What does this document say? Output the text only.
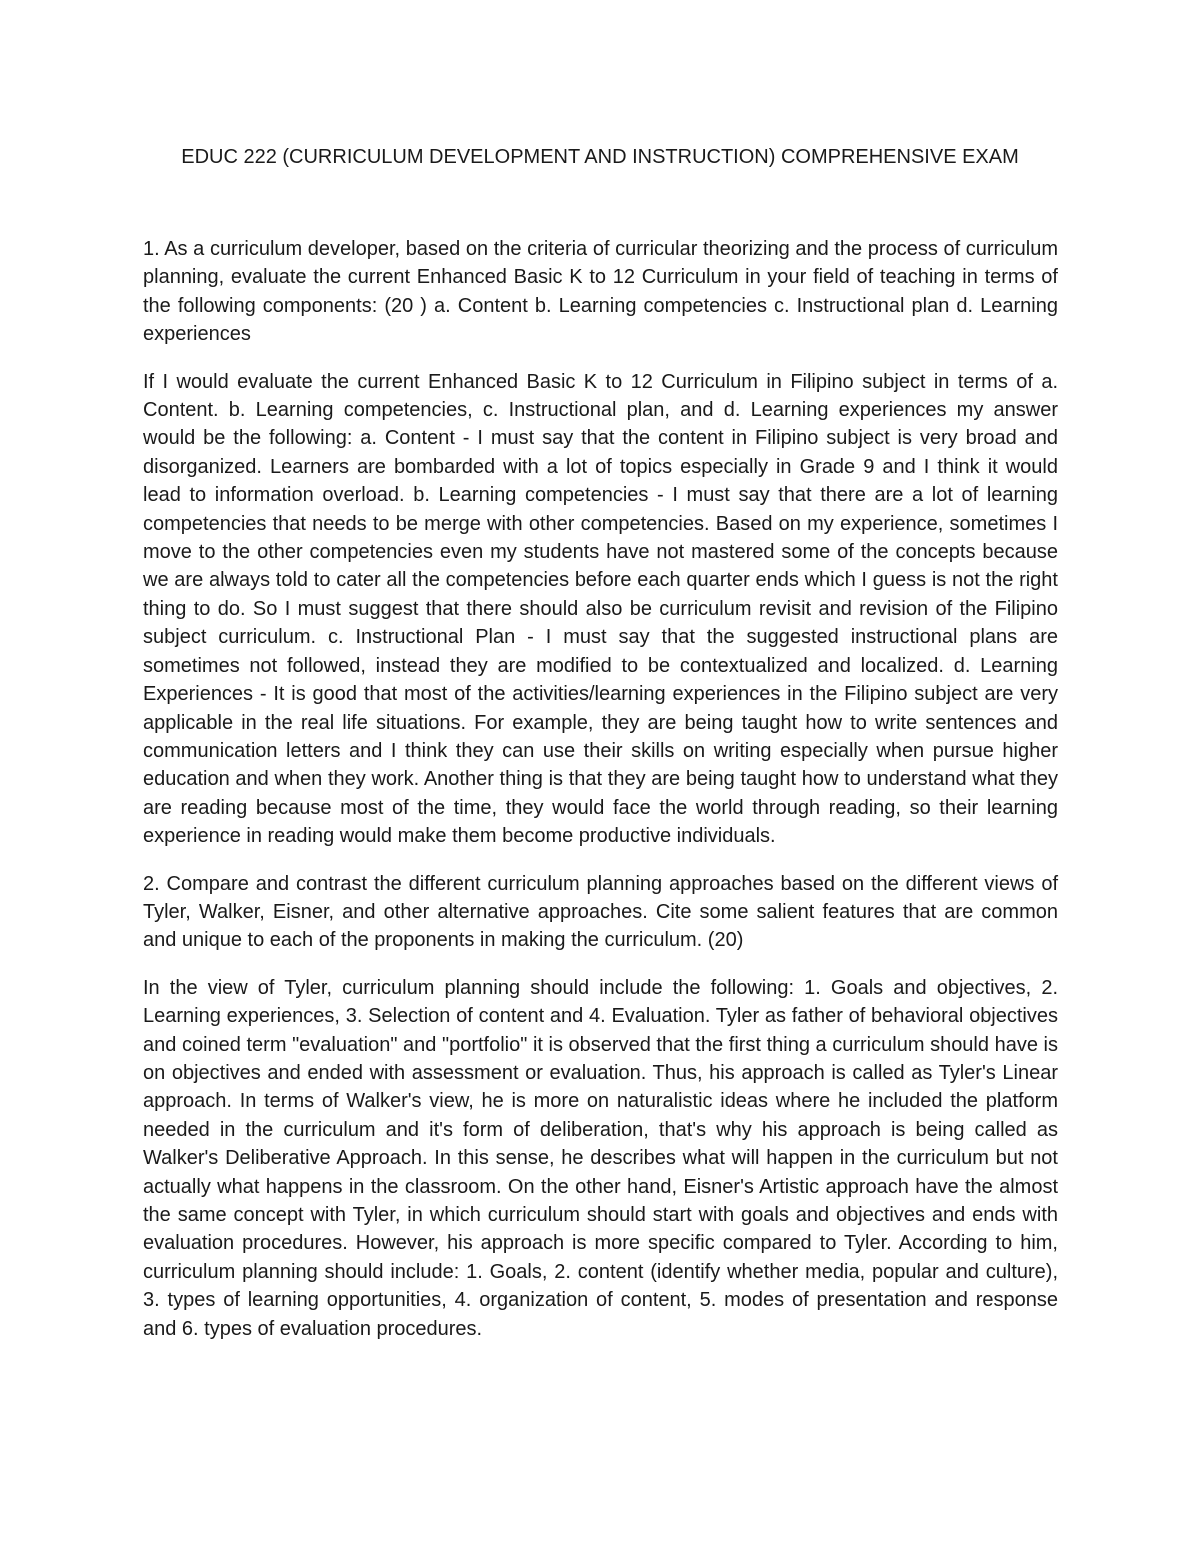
EDUC 222 (CURRICULUM DEVELOPMENT AND INSTRUCTION) COMPREHENSIVE EXAM

1. As a curriculum developer, based on the criteria of curricular theorizing and the process of curriculum planning, evaluate the current Enhanced Basic K to 12 Curriculum in your field of teaching in terms of the following components: (20 ) a. Content b. Learning competencies c. Instructional plan d. Learning experiences

If I would evaluate the current Enhanced Basic K to 12 Curriculum in Filipino subject in terms of a. Content. b. Learning competencies, c. Instructional plan, and d. Learning experiences my answer would be the following: a. Content - I must say that the content in Filipino subject is very broad and disorganized. Learners are bombarded with a lot of topics especially in Grade 9 and I think it would lead to information overload. b. Learning competencies - I must say that there are a lot of learning competencies that needs to be merge with other competencies. Based on my experience, sometimes I move to the other competencies even my students have not mastered some of the concepts because we are always told to cater all the competencies before each quarter ends which I guess is not the right thing to do. So I must suggest that there should also be curriculum revisit and revision of the Filipino subject curriculum. c. Instructional Plan - I must say that the suggested instructional plans are sometimes not followed, instead they are modified to be contextualized and localized. d. Learning Experiences - It is good that most of the activities/learning experiences in the Filipino subject are very applicable in the real life situations. For example, they are being taught how to write sentences and communication letters and I think they can use their skills on writing especially when pursue higher education and when they work. Another thing is that they are being taught how to understand what they are reading because most of the time, they would face the world through reading, so their learning experience in reading would make them become productive individuals.

2. Compare and contrast the different curriculum planning approaches based on the different views of Tyler, Walker, Eisner, and other alternative approaches. Cite some salient features that are common and unique to each of the proponents in making the curriculum. (20)

In the view of Tyler, curriculum planning should include the following: 1. Goals and objectives, 2. Learning experiences, 3. Selection of content and 4. Evaluation. Tyler as father of behavioral objectives and coined term "evaluation" and "portfolio" it is observed that the first thing a curriculum should have is on objectives and ended with assessment or evaluation. Thus, his approach is called as Tyler's Linear approach. In terms of Walker's view, he is more on naturalistic ideas where he included the platform needed in the curriculum and it's form of deliberation, that's why his approach is being called as Walker's Deliberative Approach. In this sense, he describes what will happen in the curriculum but not actually what happens in the classroom. On the other hand, Eisner's Artistic approach have the almost the same concept with Tyler, in which curriculum should start with goals and objectives and ends with evaluation procedures. However, his approach is more specific compared to Tyler. According to him, curriculum planning should include: 1. Goals, 2. content (identify whether media, popular and culture), 3. types of learning opportunities, 4. organization of content, 5. modes of presentation and response and 6. types of evaluation procedures.
